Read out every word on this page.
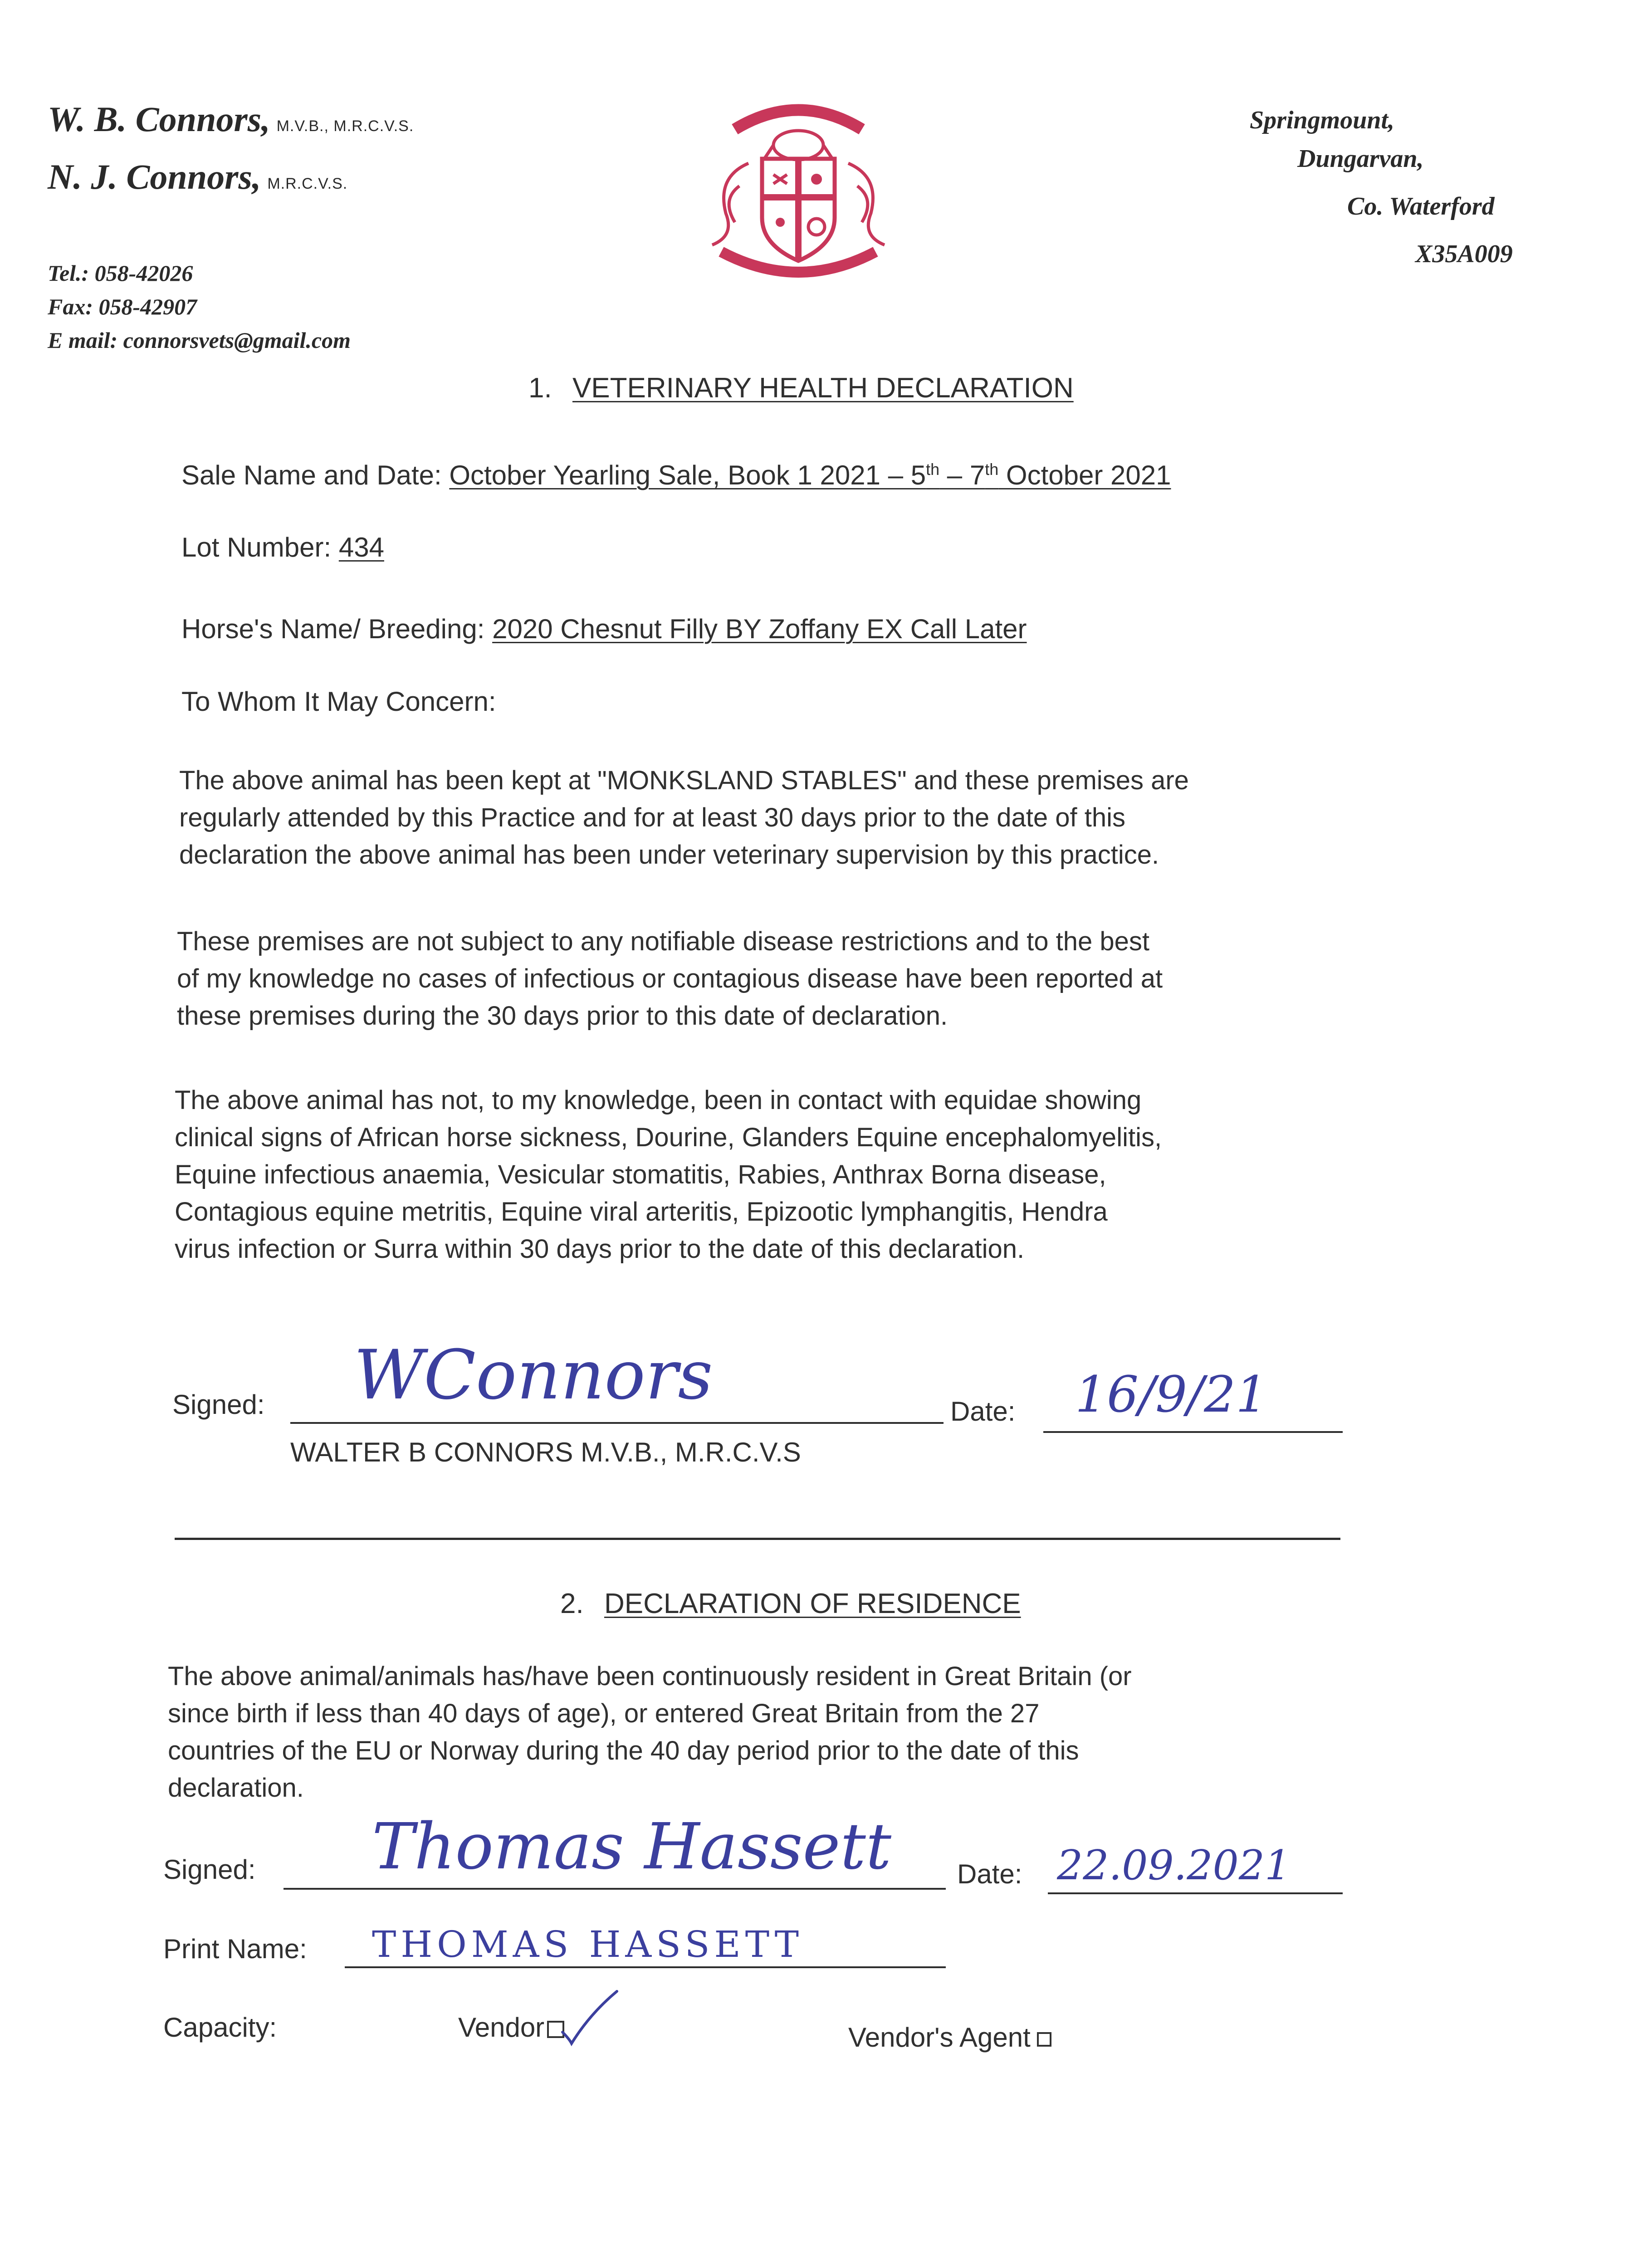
W. B. Connors, M.V.B., M.R.C.V.S.
N. J. Connors, M.R.C.V.S.
Tel.: 058-42026
Fax: 058-42907
E mail: connorsvets@gmail.com
Springmount,
Dungarvan,
Co. Waterford
X35A009
1. VETERINARY HEALTH DECLARATION
Sale Name and Date: October Yearling Sale, Book 1 2021 – 5th – 7th October 2021
Lot Number: 434
Horse's Name/ Breeding: 2020 Chesnut Filly BY Zoffany EX Call Later
To Whom It May Concern:
The above animal has been kept at "MONKSLAND STABLES" and these premises are
regularly attended by this Practice and for at least 30 days prior to the date of this
declaration the above animal has been under veterinary supervision by this practice.
These premises are not subject to any notifiable disease restrictions and to the best
of my knowledge no cases of infectious or contagious disease have been reported at
these premises during the 30 days prior to this date of declaration.
The above animal has not, to my knowledge, been in contact with equidae showing
clinical signs of African horse sickness, Dourine, Glanders Equine encephalomyelitis,
Equine infectious anaemia, Vesicular stomatitis, Rabies, Anthrax Borna disease,
Contagious equine metritis, Equine viral arteritis, Epizootic lymphangitis, Hendra
virus infection or Surra within 30 days prior to the date of this declaration.
Signed: WConnors	Date: 16/9/21
WALTER B CONNORS M.V.B., M.R.C.V.S
2. DECLARATION OF RESIDENCE
The above animal/animals has/have been continuously resident in Great Britain (or
since birth if less than 40 days of age), or entered Great Britain from the 27
countries of the EU or Norway during the 40 day period prior to the date of this
declaration.
Signed: Thomas Hassett Date: 22.09.2021
Print Name: THOMAS HASSETT
Capacity:	Vendor	Vendor's Agent
